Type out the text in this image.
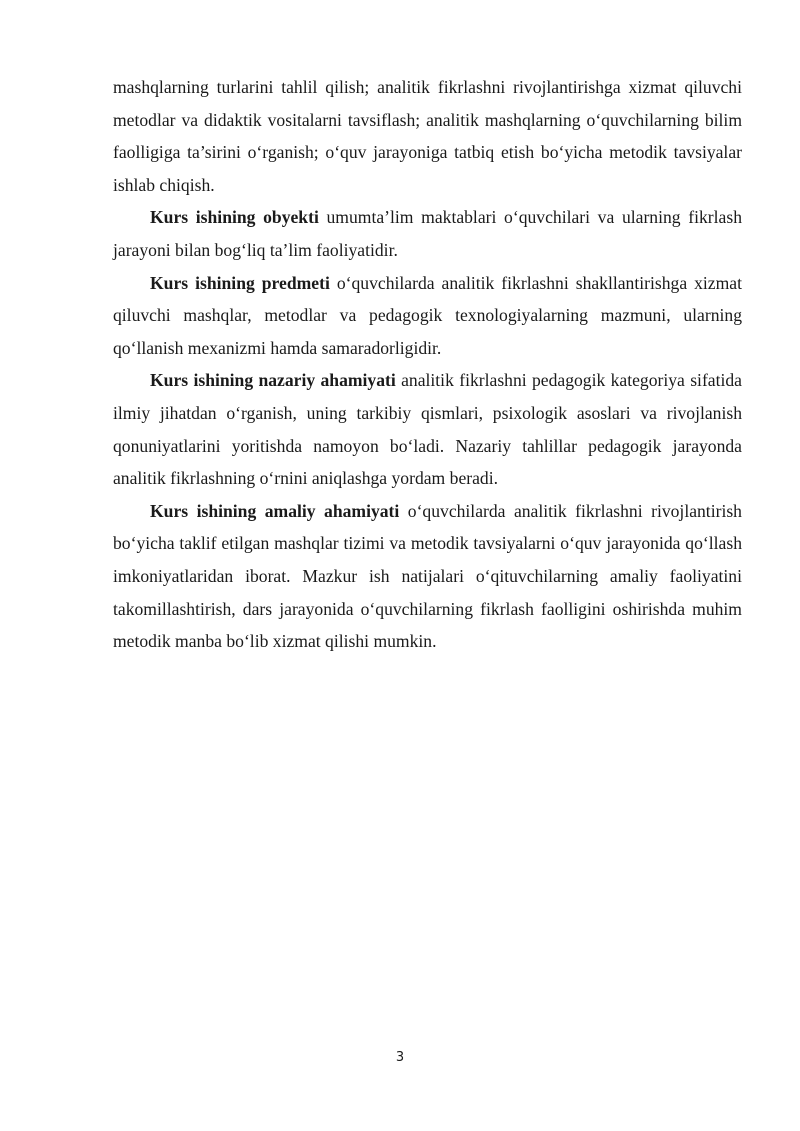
mashqlarning turlarini tahlil qilish; analitik fikrlashni rivojlantirishga xizmat qiluvchi metodlar va didaktik vositalarni tavsiflash; analitik mashqlarning o‘quvchilarning bilim faolligiga ta’sirini o‘rganish; o‘quv jarayoniga tatbiq etish bo‘yicha metodik tavsiyalar ishlab chiqish.

Kurs ishining obyekti umumta’lim maktablari o‘quvchilari va ularning fikrlash jarayoni bilan bog‘liq ta’lim faoliyatidir.

Kurs ishining predmeti o‘quvchilarda analitik fikrlashni shakllantirishga xizmat qiluvchi mashqlar, metodlar va pedagogik texnologiyalarning mazmuni, ularning qo‘llanish mexanizmi hamda samaradorligidir.

Kurs ishining nazariy ahamiyati analitik fikrlashni pedagogik kategoriya sifatida ilmiy jihatdan o‘rganish, uning tarkibiy qismlari, psixologik asoslari va rivojlanish qonuniyatlarini yoritishda namoyon bo‘ladi. Nazariy tahlillar pedagogik jarayonda analitik fikrlashning o‘rnini aniqlashga yordam beradi.

Kurs ishining amaliy ahamiyati o‘quvchilarda analitik fikrlashni rivojlantirish bo‘yicha taklif etilgan mashqlar tizimi va metodik tavsiyalarni o‘quv jarayonida qo‘llash imkoniyatlaridan iborat. Mazkur ish natijalari o‘qituvchilarning amaliy faoliyatini takomillashtirish, dars jarayonida o‘quvchilarning fikrlash faolligini oshirishda muhim metodik manba bo‘lib xizmat qilishi mumkin.

3
